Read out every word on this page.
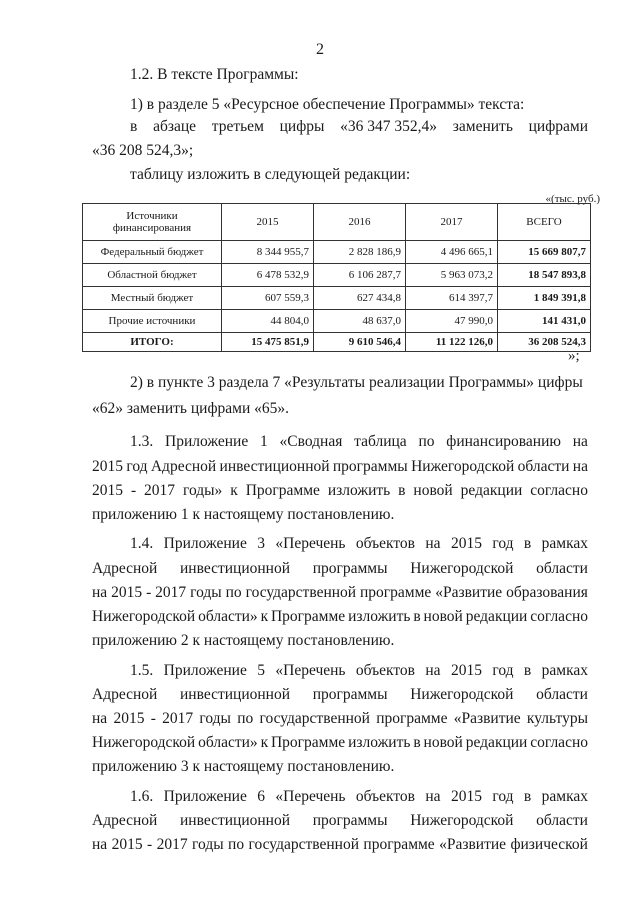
2
1.2. В тексте Программы:
1) в разделе 5 «Ресурсное обеспечение Программы» текста:
в абзаце третьем цифры «36 347 352,4» заменить цифрами
«36 208 524,3»;
таблицу изложить в следующей редакции:
«(тыс. руб.)
Источники финансирования	2015	2016	2017	ВСЕГО
Федеральный бюджет	8 344 955,7	2 828 186,9	4 496 665,1	15 669 807,7
Областной бюджет	6 478 532,9	6 106 287,7	5 963 073,2	18 547 893,8
Местный бюджет	607 559,3	627 434,8	614 397,7	1 849 391,8
Прочие источники	44 804,0	48 637,0	47 990,0	141 431,0
ИТОГО:	15 475 851,9	9 610 546,4	11 122 126,0	36 208 524,3
»;
2) в пункте 3 раздела 7 «Результаты реализации Программы» цифры
«62» заменить цифрами «65».
1.3. Приложение 1 «Сводная таблица по финансированию на
2015 год Адресной инвестиционной программы Нижегородской области на
2015 - 2017 годы» к Программе изложить в новой редакции согласно
приложению 1 к настоящему постановлению.
1.4. Приложение 3 «Перечень объектов на 2015 год в рамках
Адресной инвестиционной программы Нижегородской области
на 2015 - 2017 годы по государственной программе «Развитие образования
Нижегородской области» к Программе изложить в новой редакции согласно
приложению 2 к настоящему постановлению.
1.5. Приложение 5 «Перечень объектов на 2015 год в рамках
Адресной инвестиционной программы Нижегородской области
на 2015 - 2017 годы по государственной программе «Развитие культуры
Нижегородской области» к Программе изложить в новой редакции согласно
приложению 3 к настоящему постановлению.
1.6. Приложение 6 «Перечень объектов на 2015 год в рамках
Адресной инвестиционной программы Нижегородской области
на 2015 - 2017 годы по государственной программе «Развитие физической
